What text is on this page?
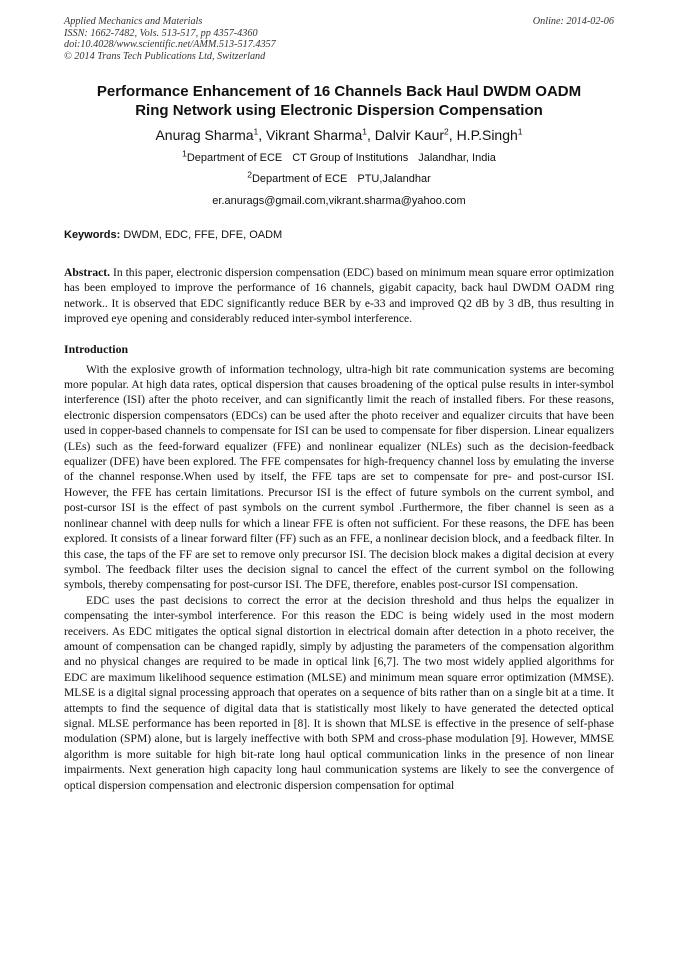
Applied Mechanics and Materials
ISSN: 1662-7482, Vols. 513-517, pp 4357-4360
doi:10.4028/www.scientific.net/AMM.513-517.4357
© 2014 Trans Tech Publications Ltd, Switzerland
Online: 2014-02-06
Performance Enhancement of 16 Channels Back Haul DWDM OADM
Ring Network using Electronic Dispersion Compensation
Anurag Sharma$^1$, Vikrant Sharma$^1$, Dalvir Kaur$^2$, H.P.Singh$^1$
$^1$Department of ECE CT Group of Institutions Jalandhar, India
$^2$Department of ECE PTU,Jalandhar
er.anurags@gmail.com,vikrant.sharma@yahoo.com
Keywords: DWDM, EDC, FFE, DFE, OADM
Abstract. In this paper, electronic dispersion compensation (EDC) based on minimum mean square error optimization has been employed to improve the performance of 16 channels, gigabit capacity, back haul DWDM OADM ring network.. It is observed that EDC significantly reduce BER by e-33 and improved Q2 dB by 3 dB, thus resulting in improved eye opening and considerably reduced inter-symbol interference.
Introduction

With the explosive growth of information technology, ultra-high bit rate communication systems are becoming more popular. At high data rates, optical dispersion that causes broadening of the optical pulse results in inter-symbol interference (ISI) after the photo receiver, and can significantly limit the reach of installed fibers. For these reasons, electronic dispersion compensators (EDCs) can be used after the photo receiver and equalizer circuits that have been used in copper-based channels to compensate for ISI can be used to compensate for fiber dispersion. Linear equalizers (LEs) such as the feed-forward equalizer (FFE) and nonlinear equalizer (NLEs) such as the decision-feedback equalizer (DFE) have been explored. The FFE compensates for high-frequency channel loss by emulating the inverse of the channel response.When used by itself, the FFE taps are set to compensate for pre- and post-cursor ISI. However, the FFE has certain limitations. Precursor ISI is the effect of future symbols on the current symbol, and post-cursor ISI is the effect of past symbols on the current symbol .Furthermore, the fiber channel is seen as a nonlinear channel with deep nulls for which a linear FFE is often not sufficient. For these reasons, the DFE has been explored. It consists of a linear forward filter (FF) such as an FFE, a nonlinear decision block, and a feedback filter. In this case, the taps of the FF are set to remove only precursor ISI. The decision block makes a digital decision at every symbol. The feedback filter uses the decision signal to cancel the effect of the current symbol on the following symbols, thereby compensating for post-cursor ISI. The DFE, therefore, enables post-cursor ISI compensation.

EDC uses the past decisions to correct the error at the decision threshold and thus helps the equalizer in compensating the inter-symbol interference. For this reason the EDC is being widely used in the most modern receivers. As EDC mitigates the optical signal distortion in electrical domain after detection in a photo receiver, the amount of compensation can be changed rapidly, simply by adjusting the parameters of the compensation algorithm and no physical changes are required to be made in optical link [6,7]. The two most widely applied algorithms for EDC are maximum likelihood sequence estimation (MLSE) and minimum mean square error optimization (MMSE). MLSE is a digital signal processing approach that operates on a sequence of bits rather than on a single bit at a time. It attempts to find the sequence of digital data that is statistically most likely to have generated the detected optical signal. MLSE performance has been reported in [8]. It is shown that MLSE is effective in the presence of self-phase modulation (SPM) alone, but is largely ineffective with both SPM and cross-phase modulation [9]. However, MMSE algorithm is more suitable for high bit-rate long haul optical communication links in the presence of non linear impairments. Next generation high capacity long haul communication systems are likely to see the convergence of optical dispersion compensation and electronic dispersion compensation for optimal
